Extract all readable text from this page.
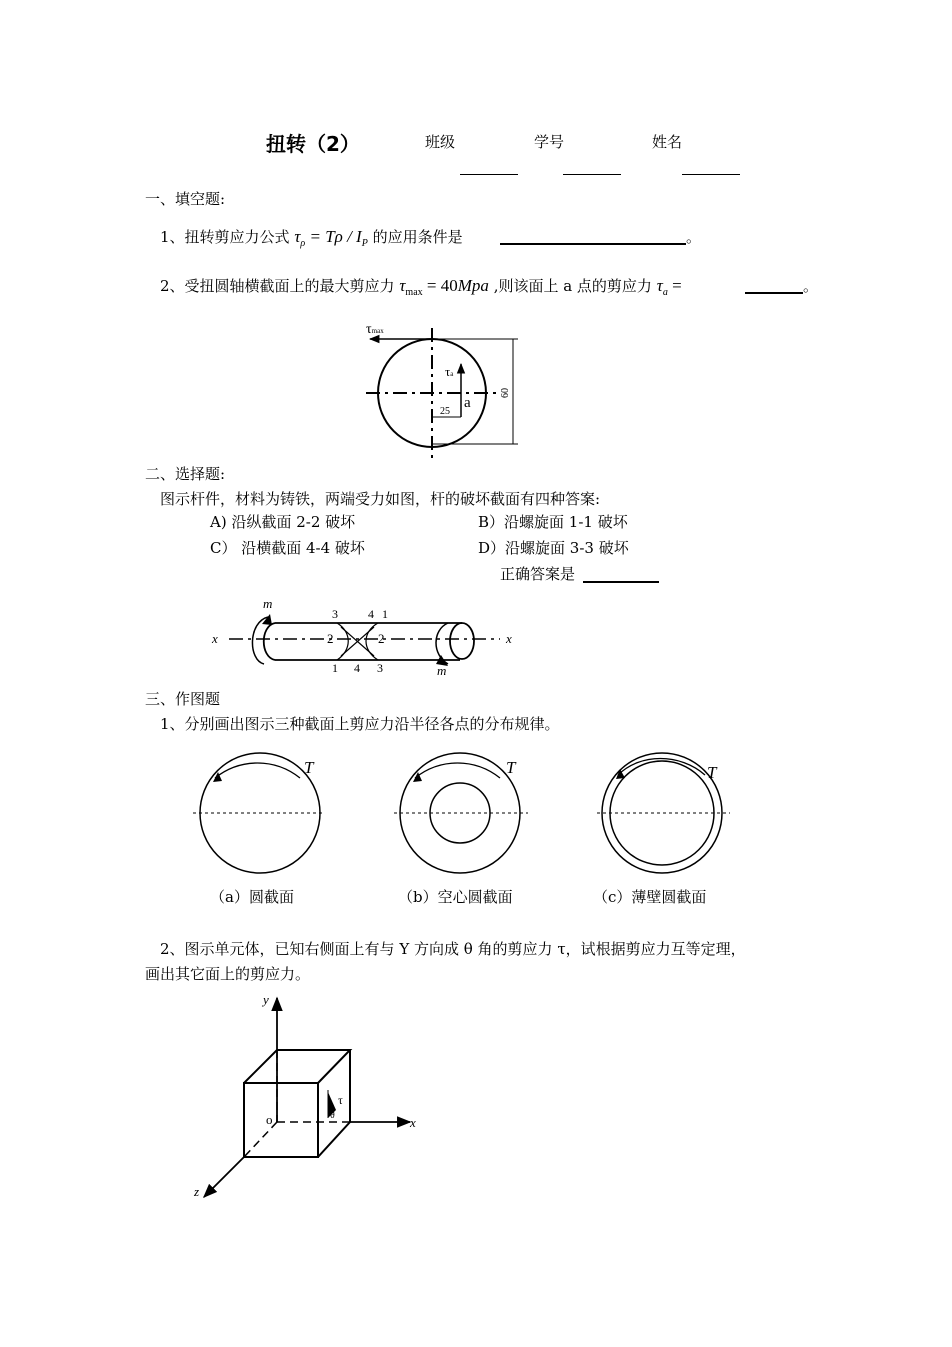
扭转（2）	班级	学号	姓名
一、填空题:
1、扭转剪应力公式 $\tau_\rho = T\rho / I_P$ 的应用条件是	。
2、受扭圆轴横截面上的最大剪应力 $\tau_{max} = 40Mpa$ ,则该面上 a 点的剪应力 $\tau_a$ =	。
τmax
τa
a
25
60
二、选择题:
图示杆件，材料为铸铁，两端受力如图，杆的破坏截面有四种答案:
A) 沿纵截面 2-2 破坏	B）沿螺旋面 1-1 破坏
C） 沿横截面 4-4 破坏	D）沿螺旋面 3-3 破坏
正确答案是
m
m
x	x
3	4 1
2	2
1 4 3
三、作图题
1、分别画出图示三种截面上剪应力沿半径各点的分布规律。
T	T	T
（a）圆截面	（b）空心圆截面	（c）薄壁圆截面
2、图示单元体，已知右侧面上有与 Y 方向成 θ 角的剪应力 τ，试根据剪应力互等定理，
画出其它面上的剪应力。
y
x
z
o
τ
θ
